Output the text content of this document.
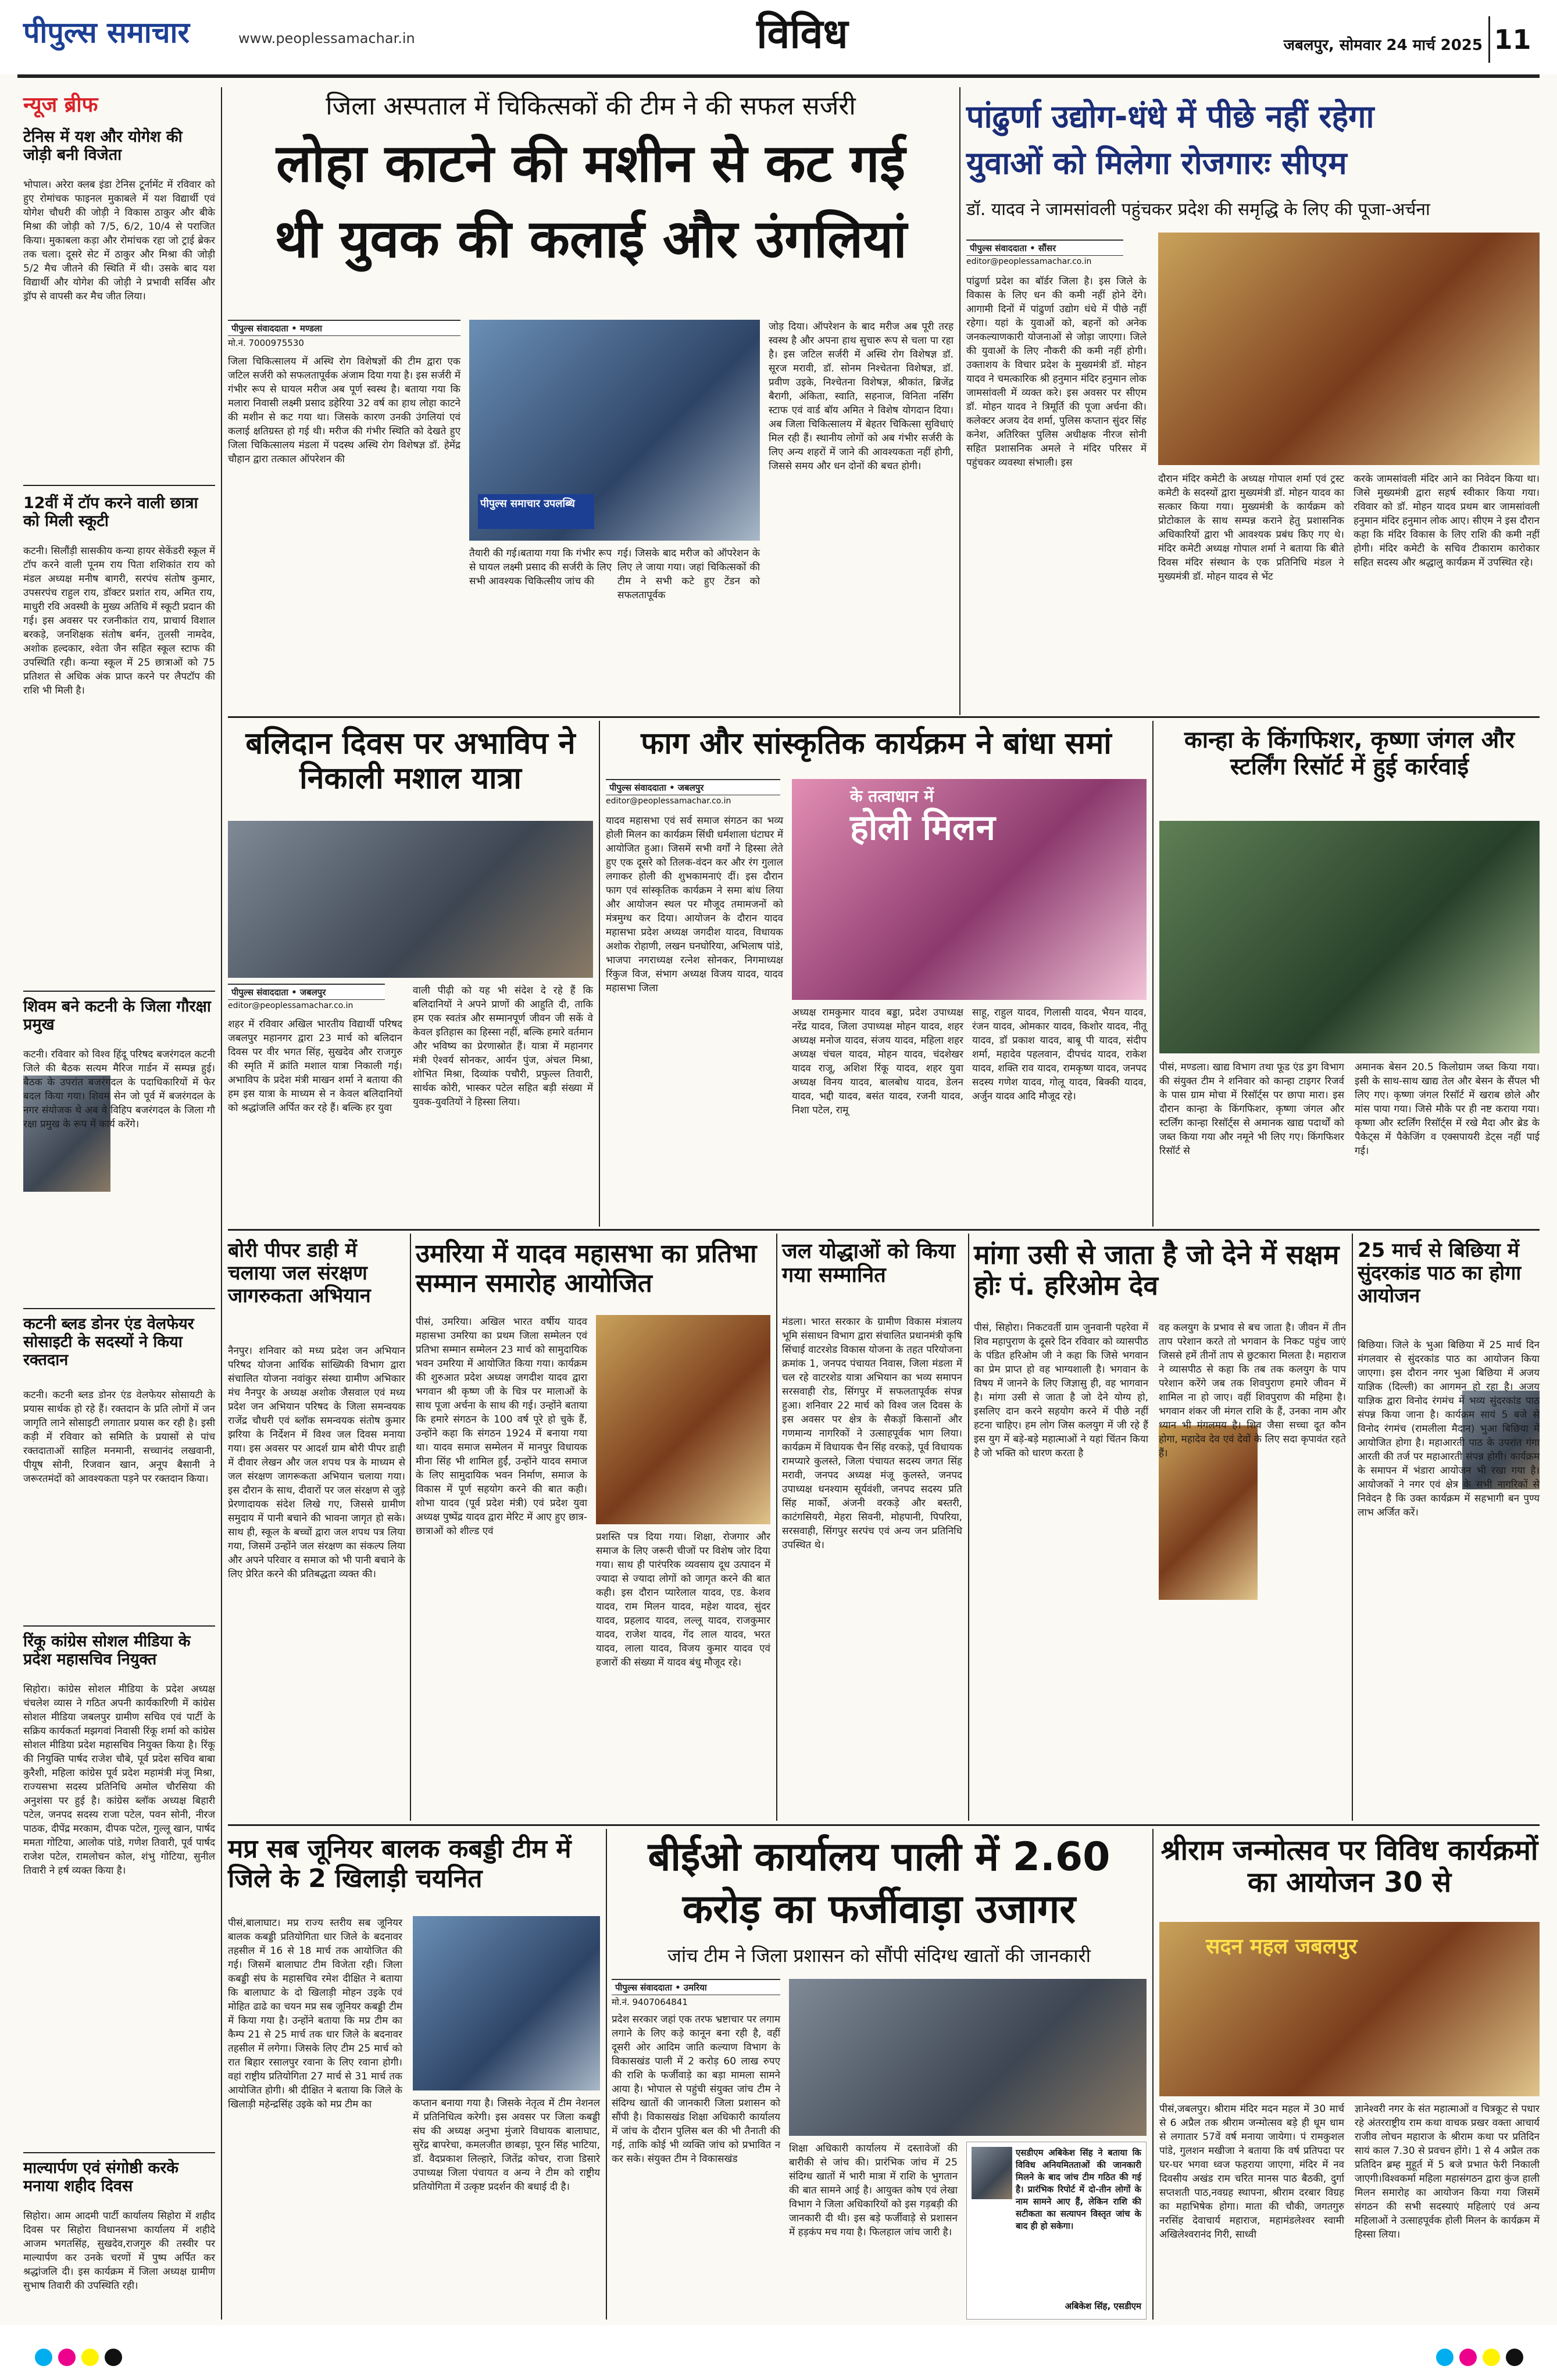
पीपुल्स समाचार	www.peoplessamachar.in	विविध	जबलपुर, सोमवार 24 मार्च 2025 11
न्यूज ब्रीफ
टेनिस में यश और योगेश की जोड़ी बनी विजेता
भोपाल। अरेरा क्लब इंडा टेनिस टूर्नामेंट में रविवार को हुए रोमांचक फाइनल मुकाबले में यश विद्यार्थी एवं योगेश चौधरी की जोड़ी ने विकास ठाकुर और बीके मिश्रा की जोड़ी को 7/5, 6/2, 10/4 से पराजित किया। मुकाबला कड़ा और रोमांचक रहा जो ट्राई ब्रेकर तक चला। दूसरे सेट में ठाकुर और मिश्रा की जोड़ी 5/2 मैच जीतने की स्थिति में थी। उसके बाद यश विद्यार्थी और योगेश की जोड़ी ने प्रभावी सर्विस और ड्रॉप से वापसी कर मैच जीत लिया।
12वीं में टॉप करने वाली छात्रा को मिली स्कूटी
कटनी। सिलौंड़ी सासकीय कन्या हायर सेकेंडरी स्कूल में टॉप करने वाली पूनम राय पिता शशिकांत राय को मंडल अध्यक्ष मनीष बागरी, सरपंच संतोष कुमार, उपसरपंच राहुल राय, डॉक्टर प्रशांत राय, अमित राय, माधुरी रवि अवस्थी के मुख्य अतिथि में स्कूटी प्रदान की गई। इस अवसर पर रजनीकांत राय, प्राचार्य विशाल बरकड़े, जनशिक्षक संतोष बर्मन, तुलसी नामदेव, अशोक हल्दकार, श्वेता जैन सहित स्कूल स्टाफ की उपस्थिति रही। कन्या स्कूल में 25 छात्राओं को 75 प्रतिशत से अधिक अंक प्राप्त करने पर लैपटॉप की राशि भी मिली है।
शिवम बने कटनी के जिला गौरक्षा प्रमुख
कटनी। रविवार को विश्व हिंदू परिषद बजरंगदल कटनी जिले की बैठक सत्यम मैरिज गार्डन में सम्पन्न हुई। बैठक के उपरांत बजरंगदल के पदाधिकारियों में फेर बदल किया गया। शिवम सेन जो पूर्व में बजरंगदल के नगर संयोजक थे अब वे विहिप बजरंगदल के जिला गौ रक्षा प्रमुख के रूप में कार्य करेंगे।
कटनी ब्लड डोनर एंड वेलफेयर सोसाइटी के सदस्यों ने किया रक्तदान
कटनी। कटनी ब्लड डोनर एंड वेलफेयर सोसायटी के प्रयास सार्थक हो रहे हैं। रक्तदान के प्रति लोगों में जन जागृति लाने सोसाइटी लगातार प्रयास कर रही है। इसी कड़ी में रविवार को समिति के प्रयासों से पांच रक्तदाताओं साहिल मनमानी, सच्चानंद लखवानी, पीयूष सोनी, रिजवान खान, अनूप बैसानी ने जरूरतमंदों को आवश्यकता पड़ने पर रक्तदान किया।
रिंकू कांग्रेस सोशल मीडिया के प्रदेश महासचिव नियुक्त
सिहोरा। कांग्रेस सोशल मीडिया के प्रदेश अध्यक्ष चंचलेश व्यास ने गठित अपनी कार्यकारिणी में कांग्रेस सोशल मीडिया जबलपुर ग्रामीण सचिव एवं पार्टी के सक्रिय कार्यकर्ता मझगवां निवासी रिंकू शर्मा को कांग्रेस सोशल मीडिया प्रदेश महासचिव नियुक्त किया है। रिंकू की नियुक्ति पार्षद राजेश चौबे, पूर्व प्रदेश सचिव बाबा कुरैशी, महिला कांग्रेस पूर्व प्रदेश महामंत्री मंजू मिश्रा, राज्यसभा सदस्य प्रतिनिधि अमोल चौरसिया की अनुशंसा पर हुई है। कांग्रेस ब्लॉक अध्यक्ष बिहारी पटेल, जनपद सदस्य राजा पटेल, पवन सोनी, नीरज पाठक, दीपेंद्र मरकाम, दीपक पटेल, गुल्लू खान, पार्षद ममता गोटिया, आलोक पांडे, गणेश तिवारी, पूर्व पार्षद राजेश पटेल, रामलोचन कोल, शंभु गोटिया, सुनील तिवारी ने हर्ष व्यक्त किया है।
माल्यार्पण एवं संगोष्ठी करके मनाया शहीद दिवस
सिहोरा। आम आदमी पार्टी कार्यालय सिहोरा में शहीद दिवस पर सिहोरा विधानसभा कार्यालय में शहीदे आजम भगतसिंह, सुखदेव,राजगुरु की तस्वीर पर माल्यार्पण कर उनके चरणों में पुष्प अर्पित कर श्रद्धांजलि दी। इस कार्यक्रम में जिला अध्यक्ष ग्रामीण सुभाष तिवारी की उपस्थिति रही।
जिला अस्पताल में चिकित्सकों की टीम ने की सफल सर्जरी
लोहा काटने की मशीन से कट गई
थी युवक की कलाई और उंगलियां
पीपुल्स संवाददाता • मण्डला
मो.नं. 7000975530
पीपुल्स समाचार उपलब्धि
जिला चिकित्सालय में अस्थि रोग विशेषज्ञों की टीम द्वारा एक जटिल सर्जरी को सफलतापूर्वक अंजाम दिया गया है। इस सर्जरी में गंभीर रूप से घायल मरीज अब पूर्ण स्वस्थ है। बताया गया कि मलारा निवासी लक्ष्मी प्रसाद डहेरिया 32 वर्ष का हाथ लोहा काटने की मशीन से कट गया था। जिसके कारण उनकी उंगलियां एवं कलाई क्षतिग्रस्त हो गई थी। मरीज की गंभीर स्थिति को देखते हुए जिला चिकित्सालय मंडला में पदस्थ अस्थि रोग विशेषज्ञ डॉ. हेमेंद्र चौहान द्वारा तत्काल ऑपरेशन की
तैयारी की गई।बताया गया कि गंभीर रूप से घायल लक्ष्मी प्रसाद की सर्जरी के लिए सभी आवश्यक चिकित्सीय जांच की
गई। जिसके बाद मरीज को ऑपरेशन के लिए ले जाया गया। जहां चिकित्सकों की टीम ने सभी कटे हुए टेंडन को सफलतापूर्वक
जोड़ दिया। ऑपरेशन के बाद मरीज अब पूरी तरह स्वस्थ है और अपना हाथ सुचारु रूप से चला पा रहा है। इस जटिल सर्जरी में अस्थि रोग विशेषज्ञ डॉ. सूरज मरावी, डॉ. सोनम निश्चेतना विशेषज्ञ, डॉ. प्रवीण उइके, निश्चेतना विशेषज्ञ, श्रीकांत, ब्रिजेंद्र बैरागी, अंकिता, स्वाति, सहनाज, विनिता नर्सिंग स्टाफ एवं वार्ड बॉय अमित ने विशेष योगदान दिया। अब जिला चिकित्सालय में बेहतर चिकित्सा सुविधाएं मिल रही हैं। स्थानीय लोगों को अब गंभीर सर्जरी के लिए अन्य शहरों में जाने की आवश्यकता नहीं होगी, जिससे समय और धन दोनों की बचत होगी।
पांढुर्णा उद्योग-धंधे में पीछे नहीं रहेगा
युवाओं को मिलेगा रोजगारः सीएम
डॉ. यादव ने जामसांवली पहुंचकर प्रदेश की समृद्धि के लिए की पूजा-अर्चना
पीपुल्स संवाददाता • सौंसर
editor@peoplessamachar.co.in
पांढुर्णा प्रदेश का बॉर्डर जिला है। इस जिले के विकास के लिए धन की कमी नहीं होने देंगे। आगामी दिनों में पांढुर्णा उद्योग धंधे में पीछे नहीं रहेगा। यहां के युवाओं को, बहनों को अनेक जनकल्याणकारी योजनाओं से जोड़ा जाएगा। जिले की युवाओं के लिए नौकरी की कमी नहीं होगी। उक्ताशय के विचार प्रदेश के मुख्यमंत्री डॉ. मोहन यादव ने चमत्कारिक श्री हनुमान मंदिर हनुमान लोक जामसांवली में व्यक्त करे। इस अवसर पर सीएम डॉ. मोहन यादव ने त्रिमूर्ति की पूजा अर्चना की। कलेक्टर अजय देव शर्मा, पुलिस कप्तान सुंदर सिंह कनेश, अतिरिक्त पुलिस अधीक्षक नीरज सोनी सहित प्रशासनिक अमले ने मंदिर परिसर में पहुंचकर व्यवस्था संभाली। इस
दौरान मंदिर कमेटी के अध्यक्ष गोपाल शर्मा एवं ट्रस्ट कमेटी के सदस्यों द्वारा मुख्यमंत्री डॉ. मोहन यादव का सत्कार किया गया। मुख्यमंत्री के कार्यक्रम को प्रोटोकाल के साथ सम्पन्न कराने हेतु प्रशासनिक अधिकारियों द्वारा भी आवश्यक प्रबंध किए गए थे। मंदिर कमेटी अध्यक्ष गोपाल शर्मा ने बताया कि बीते दिवस मंदिर संस्थान के एक प्रतिनिधि मंडल ने मुख्यमंत्री डॉ. मोहन यादव से भेंट
करके जामसांवली मंदिर आने का निवेदन किया था। जिसे मुख्यमंत्री द्वारा सहर्ष स्वीकार किया गया। रविवार को डॉ. मोहन यादव प्रथम बार जामसांवली हनुमान मंदिर हनुमान लोक आए। सीएम ने इस दौरान कहा कि मंदिर विकास के लिए राशि की कमी नहीं होगी। मंदिर कमेटी के सचिव टीकाराम कारोकार सहित सदस्य और श्रद्धालु कार्यक्रम में उपस्थित रहे।
बलिदान दिवस पर अभाविप ने निकाली मशाल यात्रा
पीपुल्स संवाददाता • जबलपुर
editor@peoplessamachar.co.in
शहर में रविवार अखिल भारतीय विद्यार्थी परिषद जबलपुर महानगर द्वारा 23 मार्च को बलिदान दिवस पर वीर भगत सिंह, सुखदेव और राजगुरु की स्मृति में क्रांति मशाल यात्रा निकाली गई। अभाविप के प्रदेश मंत्री माखन शर्मा ने बताया की हम इस यात्रा के माध्यम से न केवल बलिदानियों को श्रद्धांजलि अर्पित कर रहे हैं। बल्कि हर युवा
वाली पीढ़ी को यह भी संदेश दे रहे हैं कि बलिदानियों ने अपने प्राणों की आहुति दी, ताकि हम एक स्वतंत्र और सम्मानपूर्ण जीवन जी सकें वे केवल इतिहास का हिस्सा नहीं, बल्कि हमारे वर्तमान और भविष्य का प्रेरणास्रोत हैं। यात्रा में महानगर मंत्री ऐश्वर्य सोनकर, आर्यन पुंज, अंचल मिश्रा, शोभित मिश्रा, दिव्यांक पचौरी, प्रफुल्ल तिवारी, सार्थक कोरी, भास्कर पटेल सहित बड़ी संख्या में युवक-युवतियों ने हिस्सा लिया।
फाग और सांस्कृतिक कार्यक्रम ने बांधा समां
पीपुल्स संवाददाता • जबलपुर
editor@peoplessamachar.co.in	के तत्वाधान में
होली मिलन
यादव महासभा एवं सर्व समाज संगठन का भव्य होली मिलन का कार्यक्रम सिंधी धर्मशाला घंटाघर में आयोजित हुआ। जिसमें सभी वर्गों ने हिस्सा लेते हुए एक दूसरे को तिलक-वंदन कर और रंग गुलाल लगाकर होली की शुभकामनाएं दीं। इस दौरान फाग एवं सांस्कृतिक कार्यक्रम ने समा बांध लिया और आयोजन स्थल पर मौजूद तमामजनों को मंत्रमुग्ध कर दिया। आयोजन के दौरान यादव महासभा प्रदेश अध्यक्ष जगदीश यादव, विधायक अशोक रोहाणी, लखन घनघोरिया, अभिलाष पांडे, भाजपा नगराध्यक्ष रत्नेश सोनकर, निगमाध्यक्ष रिंकुज विज, संभाग अध्यक्ष विजय यादव, यादव महासभा जिला
अध्यक्ष रामकुमार यादव बड्डा, प्रदेश उपाध्यक्ष नरेंद्र यादव, जिला उपाध्यक्ष मोहन यादव, शहर अध्यक्ष मनोज यादव, संजय यादव, महिला शहर अध्यक्ष चंचल यादव, मोहन यादव, चंदशेखर यादव राजू, अशिश रिंकू यादव, शहर युवा अध्यक्ष विनय यादव, बालबोध यादव, डेलन यादव, भद्दी यादव, बसंत यादव, रजनी यादव, निशा पटेल, रामू
साहू, राहुल यादव, गिलासी यादव, भैयन यादव, रंजन यादव, ओमकार यादव, किशोर यादव, नीतू यादव, डॉ प्रकाश यादव, बाबू पी यादव, संदीप शर्मा, महादेव पहलवान, दीपचंद यादव, राकेश यादव, शक्ति राव यादव, रामकृष्ण यादव, जनपद सदस्य गणेश यादव, गोलू यादव, बिक्की यादव, अर्जुन यादव आदि मौजूद रहे।
कान्हा के किंगफिशर, कृष्णा जंगल और स्टर्लिंग रिसॉर्ट में हुई कार्रवाई
पीसं, मण्डला। खाद्य विभाग तथा फूड एंड ड्रग विभाग की संयुक्त टीम ने शनिवार को कान्हा टाइगर रिजर्व के पास ग्राम मोचा में रिसॉर्ट्स पर छापा मारा। इस दौरान कान्हा के किंगफिशर, कृष्णा जंगल और स्टर्लिंग कान्हा रिसॉर्ट्स से अमानक खाद्य पदार्थों को जब्त किया गया और नमूने भी लिए गए। किंगफिशर रिसॉर्ट से
अमानक बेसन 20.5 किलोग्राम जब्त किया गया। इसी के साथ-साथ खाद्य तेल और बेसन के सैंपल भी लिए गए। कृष्णा जंगल रिसॉर्ट में खराब छोले और मांस पाया गया। जिसे मौके पर ही नष्ट कराया गया। कृष्णा और स्टर्लिंग रिसॉर्ट्स में रखे मैदा और ब्रेड के पैकेट्स में पैकेजिंग व एक्सपायरी डेट्स नहीं पाई गई।
बोरी पीपर डाही में चलाया जल संरक्षण जागरुकता अभियान
नैनपुर। शनिवार को मध्य प्रदेश जन अभियान परिषद योजना आर्थिक सांख्यिकी विभाग द्वारा संचालित योजना नवांकुर संस्था ग्रामीण अभिकार मंच नैनपुर के अध्यक्ष अशोक जैसवाल एवं मध्य प्रदेश जन अभियान परिषद के जिला समन्वयक राजेंद्र चौधरी एवं ब्लॉक समन्वयक संतोष कुमार झरिया के निर्देशन में विश्व जल दिवस मनाया गया। इस अवसर पर आदर्श ग्राम बोरी पीपर डाही में दीवार लेखन और जल शपथ पत्र के माध्यम से जल संरक्षण जागरूकता अभियान चलाया गया। इस दौरान के साथ, दीवारों पर जल संरक्षण से जुड़े प्रेरणादायक संदेश लिखे गए, जिससे ग्रामीण समुदाय में पानी बचाने की भावना जागृत हो सके। साथ ही, स्कूल के बच्चों द्वारा जल शपथ पत्र लिया गया, जिसमें उन्होंने जल संरक्षण का संकल्प लिया और अपने परिवार व समाज को भी पानी बचाने के लिए प्रेरित करने की प्रतिबद्धता व्यक्त की।
उमरिया में यादव महासभा का प्रतिभा सम्मान समारोह आयोजित
पीसं, उमरिया। अखिल भारत वर्षीय यादव महासभा उमरिया का प्रथम जिला सम्मेलन एवं प्रतिभा सम्मान सम्मेलन 23 मार्च को सामुदायिक भवन उमरिया में आयोजित किया गया। कार्यक्रम की शुरुआत प्रदेश अध्यक्ष जगदीश यादव द्वारा भगवान श्री कृष्ण जी के चित्र पर मालाओं के साथ पूजा अर्चना के साथ की गई। उन्होंने बताया कि हमारे संगठन के 100 वर्ष पूरे हो चुके हैं, उन्होंने कहा कि संगठन 1924 में बनाया गया था। यादव समाज सम्मेलन में मानपुर विधायक मीना सिंह भी शामिल हुईं, उन्होंने यादव समाज के लिए सामुदायिक भवन निर्माण, समाज के विकास में पूर्ण सहयोग करने की बात कही। शोभा यादव (पूर्व प्रदेश मंत्री) एवं प्रदेश युवा अध्यक्ष पुष्पेंद्र यादव द्वारा मेरिट में आए हुए छात्र-छात्राओं को शील्ड एवं	प्रशस्ति पत्र दिया गया। शिक्षा, रोजगार और समाज के लिए जरूरी चीजों पर विशेष जोर दिया गया। साथ ही पारंपरिक व्यवसाय दूध उत्पादन में ज्यादा से ज्यादा लोगों को जागृत करने की बात कही। इस दौरान प्यारेलाल यादव, एड. केशव यादव, राम मिलन यादव, महेश यादव, सुंदर यादव, प्रहलाद यादव, लल्लू यादव, राजकुमार यादव, राजेश यादव, गेंद लाल यादव, भरत यादव, लाला यादव, विजय कुमार यादव एवं हजारों की संख्या में यादव बंधु मौजूद रहे।
जल योद्धाओं को किया गया सम्मानित
मंडला। भारत सरकार के ग्रामीण विकास मंत्रालय भूमि संसाधन विभाग द्वारा संचालित प्रधानमंत्री कृषि सिंचाई वाटरशेड विकास योजना के तहत परियोजना क्रमांक 1, जनपद पंचायत निवास, जिला मंडला में चल रहे वाटरशेड यात्रा अभियान का भव्य समापन सरसवाही रोड, सिंगपुर में सफलतापूर्वक संपन्न हुआ। शनिवार 22 मार्च को विश्व जल दिवस के इस अवसर पर क्षेत्र के सैकड़ों किसानों और गणमान्य नागरिकों ने उत्साहपूर्वक भाग लिया। कार्यक्रम में विधायक चैन सिंह वरकड़े, पूर्व विधायक रामप्यारे कुलस्ते, जिला पंचायत सदस्य जगत सिंह मरावी, जनपद अध्यक्ष मंजू कुलस्ते, जनपद उपाध्यक्ष धनश्याम सूर्यवंशी, जनपद सदस्य प्रति सिंह मार्को, अंजनी वरकड़े और बस्तरी, काटंगसियरी, मेहरा सिवनी, मोहपानी, पिपरिया, सरसवाही, सिंगपुर सरपंच एवं अन्य जन प्रतिनिधि उपस्थित थे।
मांगा उसी से जाता है जो देने में सक्षम होः पं. हरिओम देव
पीसं, सिहोरा। निकटवर्ती ग्राम जुनवानी पहरेवा में शिव महापुराण के दूसरे दिन रविवार को व्यासपीठ के पंडित हरिओम जी ने कहा कि जिसे भगवान का प्रेम प्राप्त हो वह भाग्यशाली है। भगवान के विषय में जानने के लिए जिज्ञासु ही, वह भागवान है। मांगा उसी से जाता है जो देने योग्य हो, इसलिए दान करने सहयोग करने में पीछे नहीं हटना चाहिए। हम लोग जिस कलयुग में जी रहे हैं इस युग में बड़े-बड़े महात्माओं ने यहां चिंतन किया है जो भक्ति को धारण करता है
वह कलयुग के प्रभाव से बच जाता है। जीवन में तीन ताप परेशान करते तो भगवान के निकट पहुंच जाएं जिससे हमें तीनों ताप से छुटकारा मिलता है। महाराज ने व्यासपीठ से कहा कि तब तक कलयुग के पाप परेशान करेंगे जब तक शिवपुराण हमारे जीवन में शामिल ना हो जाए। वहीं शिवपुराण की महिमा है। भगवान शंकर जी मंगल राशि के हैं, उनका नाम और ध्यान भी मंगलमय है। शिव जैसा सच्चा दूत कौन होगा, महादेव देव एवं देवों के लिए सदा कृपावंत रहते हैं।
25 मार्च से बिछिया में सुंदरकांड पाठ का होगा आयोजन
बिछिया। जिले के भुआ बिछिया में 25 मार्च दिन मंगलवार से सुंदरकांड पाठ का आयोजन किया जाएगा। इस दौरान नगर भुआ बिछिया में अजय याज्ञिक (दिल्ली) का आगमन हो रहा है। अजय याज्ञिक द्वारा विनोद रंगमंच में भव्य सुंदरकांड पाठ संपन्न किया जाना है। कार्यक्रम सायं 5 बजे से विनोद रंगमंच (रामलीला मैदान) भुआ बिछिया में आयोजित होगा है। महाआरती पाठ के उपरांत गंगा आरती की तर्ज पर महाआरती संपन्न होगी। कार्यक्रम के समापन में भंडारा आयोजन भी रखा गया है। आयोजकों ने नगर एवं क्षेत्र के सभी नागरिकों से निवेदन है कि उक्त कार्यक्रम में सहभागी बन पुण्य लाभ अर्जित करें।
मप्र सब जूनियर बालक कबड्डी टीम में जिले के 2 खिलाड़ी चयनित
पीसं,बालाघाट। मप्र राज्य स्तरीय सब जूनियर बालक कबड्डी प्रतियोगिता धार जिले के बदनावर तहसील में 16 से 18 मार्च तक आयोजित की गई। जिसमें बालाघाट टीम विजेता रही। जिला कबड्डी संघ के महासचिव रमेश दीक्षित ने बताया कि बालाघाट के दो खिलाड़ी मोहन उइके एवं मोहित ढाढे का चयन मप्र सब जूनियर कबड्डी टीम में किया गया है। उन्होंने बताया कि मप्र टीम का कैम्प 21 से 25 मार्च तक धार जिले के बदनावर तहसील में लगेगा। जिसके लिए टीम 25 मार्च को रात बिहार रसालपुर रवाना के लिए रवाना होगी। वहां राष्ट्रीय प्रतियोगिता 27 मार्च से 31 मार्च तक आयोजित होगी। श्री दीक्षित ने बताया कि जिले के खिलाड़ी महेन्द्रसिंह उइके को मप्र टीम का	कप्तान बनाया गया है। जिसके नेतृत्व में टीम नेशनल में प्रतिनिधित्व करेगी। इस अवसर पर जिला कबड्डी संघ की अध्यक्ष अनुभा मुंजारे विधायक बालाघाट, सुरेंद्र बापरेचा, कमलजीत छाबड़ा, पूरन सिंह भाटिया, डॉ. वैदप्रकाश लिल्हारे, जितेंद्र कोचर, राजा डिसारे उपाध्यक्ष जिला पंचायत व अन्य ने टीम को राष्ट्रीय प्रतियोगिता में उत्कृष्ट प्रदर्शन की बधाई दी है।
बीईओ कार्यालय पाली में 2.60
करोड़ का फर्जीवाड़ा उजागर
जांच टीम ने जिला प्रशासन को सौंपी संदिग्ध खातों की जानकारी
पीपुल्स संवाददाता • उमरिया
मो.नं. 9407064841
प्रदेश सरकार जहां एक तरफ भ्रष्टाचार पर लगाम लगाने के लिए कड़े कानून बना रही है, वहीं दूसरी ओर आदिम जाति कल्याण विभाग के विकासखंड पाली में 2 करोड़ 60 लाख रुपए की राशि के फर्जीवाड़े का बड़ा मामला सामने आया है। भोपाल से पहुंची संयुक्त जांच टीम ने संदिग्ध खातों की जानकारी जिला प्रशासन को सौंपी है। विकासखंड शिक्षा अधिकारी कार्यालय में जांच के दौरान पुलिस बल की भी तैनाती की गई, ताकि कोई भी व्यक्ति जांच को प्रभावित न कर सके। संयुक्त टीम ने विकासखंड
शिक्षा अधिकारी कार्यालय में दस्तावेजों की बारीकी से जांच की। प्रारंभिक जांच में 25 संदिग्ध खातों में भारी मात्रा में राशि के भुगतान की बात सामने आई है। आयुक्त कोष एवं लेखा विभाग ने जिला अधिकारियों को इस गड़बड़ी की जानकारी दी थी। इस बड़े फर्जीवाड़े से प्रशासन में हड़कंप मच गया है। फिलहाल जांच जारी है।
एसडीएम अबिकेश सिंह ने बताया कि विविध अनियमितताओं की जानकारी मिलने के बाद जांच टीम गठित की गई है। प्रारंभिक रिपोर्ट में दो-तीन लोगों के नाम सामने आए हैं, लेकिन राशि की सटीकता का सत्यापन विस्तृत जांच के बाद ही हो सकेगा।
अबिकेश सिंह, एसडीएम
श्रीराम जन्मोत्सव पर विविध कार्यक्रमों का आयोजन 30 से
सदन महल जबलपुर
पीसं,जबलपुर। श्रीराम मंदिर मदन महल में 30 मार्च से 6 अप्रैल तक श्रीराम जन्मोत्सव बड़े ही धूम धाम से लगातार 57वें वर्ष मनाया जायेगा। पं रामकुशल पांडे, गुलशन मखीजा ने बताया कि वर्ष प्रतिपदा पर घर-घर भगवा ध्वज फहराया जाएगा, मंदिर में नव दिवसीय अखंड राम चरित मानस पाठ बैठकी, दुर्गा सप्तशती पाठ,नवग्रह स्थापना, श्रीराम दरबार विग्रह का महाभिषेक होगा। माता की चौकी, जगतगुरु नरसिंह देवाचार्य महाराज, महामंडलेश्वर स्वामी अखिलेश्वरानंद गिरी, साध्वी
ज्ञानेश्वरी नगर के संत महात्माओं व चित्रकूट से पधार रहे अंतरराष्ट्रीय राम कथा वाचक प्रखर वक्ता आचार्य राजीव लोचन महाराज के श्रीराम कथा पर प्रतिदिन सायं काल 7.30 से प्रवचन होंगे। 1 से 4 अप्रैल तक प्रतिदिन ब्रम्ह मुहूर्त में 5 बजे प्रभात फेरी निकाली जाएगी।विश्वकर्मा महिला महासंगठन द्वारा कुंज हाली मिलन समारोह का आयोजन किया गया जिसमें संगठन की सभी सदस्याएं महिलाएं एवं अन्य महिलाओं ने उत्साहपूर्वक होली मिलन के कार्यक्रम में हिस्सा लिया।
